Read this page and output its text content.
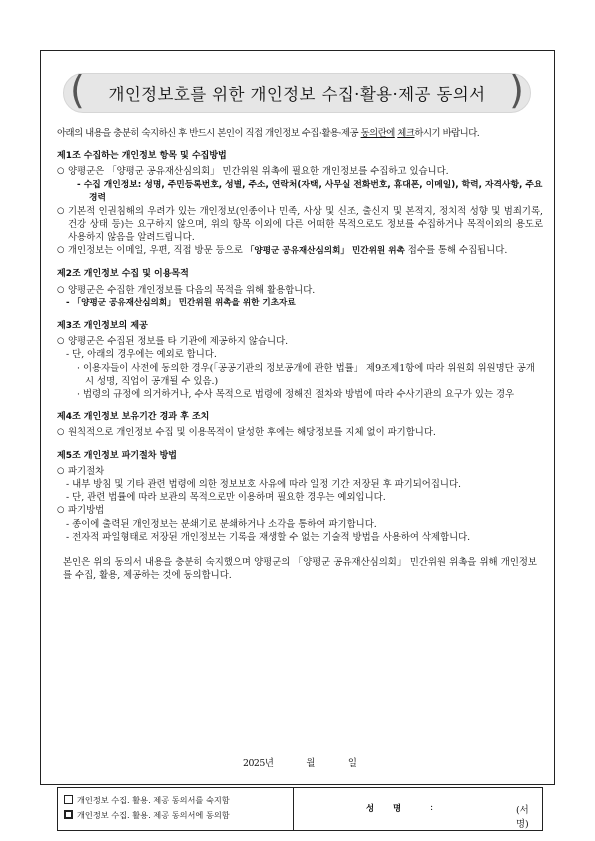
( 개인정보호를 위한 개인정보 수집·활용·제공 동의서 )

아래의 내용을 충분히 숙지하신 후 반드시 본인이 직접 개인정보 수집·활용·제공 동의란에 체크하시기 바랍니다.

제1조 수집하는 개인정보 항목 및 수집방법

○ 양평군은 「양평군 공유재산심의회」 민간위원 위촉에 필요한 개인정보를 수집하고 있습니다.

- 수집 개인정보: 성명, 주민등록번호, 성별, 주소, 연락처(자택, 사무실 전화번호, 휴대폰, 이메일), 학력, 자격사항, 주요경력

○ 기본적 인권침해의 우려가 있는 개인정보(인종이나 민족, 사상 및 신조, 출신지 및 본적지, 정치적 성향 및 범죄기록, 건강 상태 등)는 요구하지 않으며, 위의 항목 이외에 다른 어떠한 목적으로도 정보를 수집하거나 목적이외의 용도로 사용하지 않음을 알려드립니다.

○ 개인정보는 이메일, 우편, 직접 방문 등으로 「양평군 공유재산심의회」 민간위원 위촉 접수를 통해 수집됩니다.

제2조 개인정보 수집 및 이용목적

○ 양평군은 수집한 개인정보를 다음의 목적을 위해 활용합니다.

- 「양평군 공유재산심의회」 민간위원 위촉을 위한 기초자료

제3조 개인정보의 제공

○ 양평군은 수집된 정보를 타 기관에 제공하지 않습니다.

- 단, 아래의 경우에는 예외로 합니다.

· 이용자들이 사전에 동의한 경우(「공공기관의 정보공개에 관한 법률」 제9조제1항에 따라 위원회 위원명단 공개 시 성명, 직업이 공개될 수 있음.)

· 법령의 규정에 의거하거나, 수사 목적으로 법령에 정해진 절차와 방법에 따라 수사기관의 요구가 있는 경우

제4조 개인정보 보유기간 경과 후 조치

○ 원칙적으로 개인정보 수집 및 이용목적이 달성한 후에는 해당정보를 지체 없이 파기합니다.

제5조 개인정보 파기절차 방법

○ 파기절차

- 내부 방침 및 기타 관련 법령에 의한 정보보호 사유에 따라 일정 기간 저장된 후 파기되어집니다.

- 단, 관련 법률에 따라 보관의 목적으로만 이용하며 필요한 경우는 예외입니다.

○ 파기방법

- 종이에 출력된 개인정보는 분쇄기로 분쇄하거나 소각을 통하여 파기합니다.

- 전자적 파일형태로 저장된 개인정보는 기록을 재생할 수 없는 기술적 방법을 사용하여 삭제합니다.

본인은 위의 동의서 내용을 충분히 숙지했으며 양평군의 「양평군 공유재산심의회」 민간위원 위촉을 위해 개인정보를 수집, 활용, 제공하는 것에 동의합니다.

2025년	월	일
개인정보 수집. 활용. 제공 동의서를 숙지함
개인정보 수집. 활용. 제공 동의서에 동의함
성 명 :	(서 명)
